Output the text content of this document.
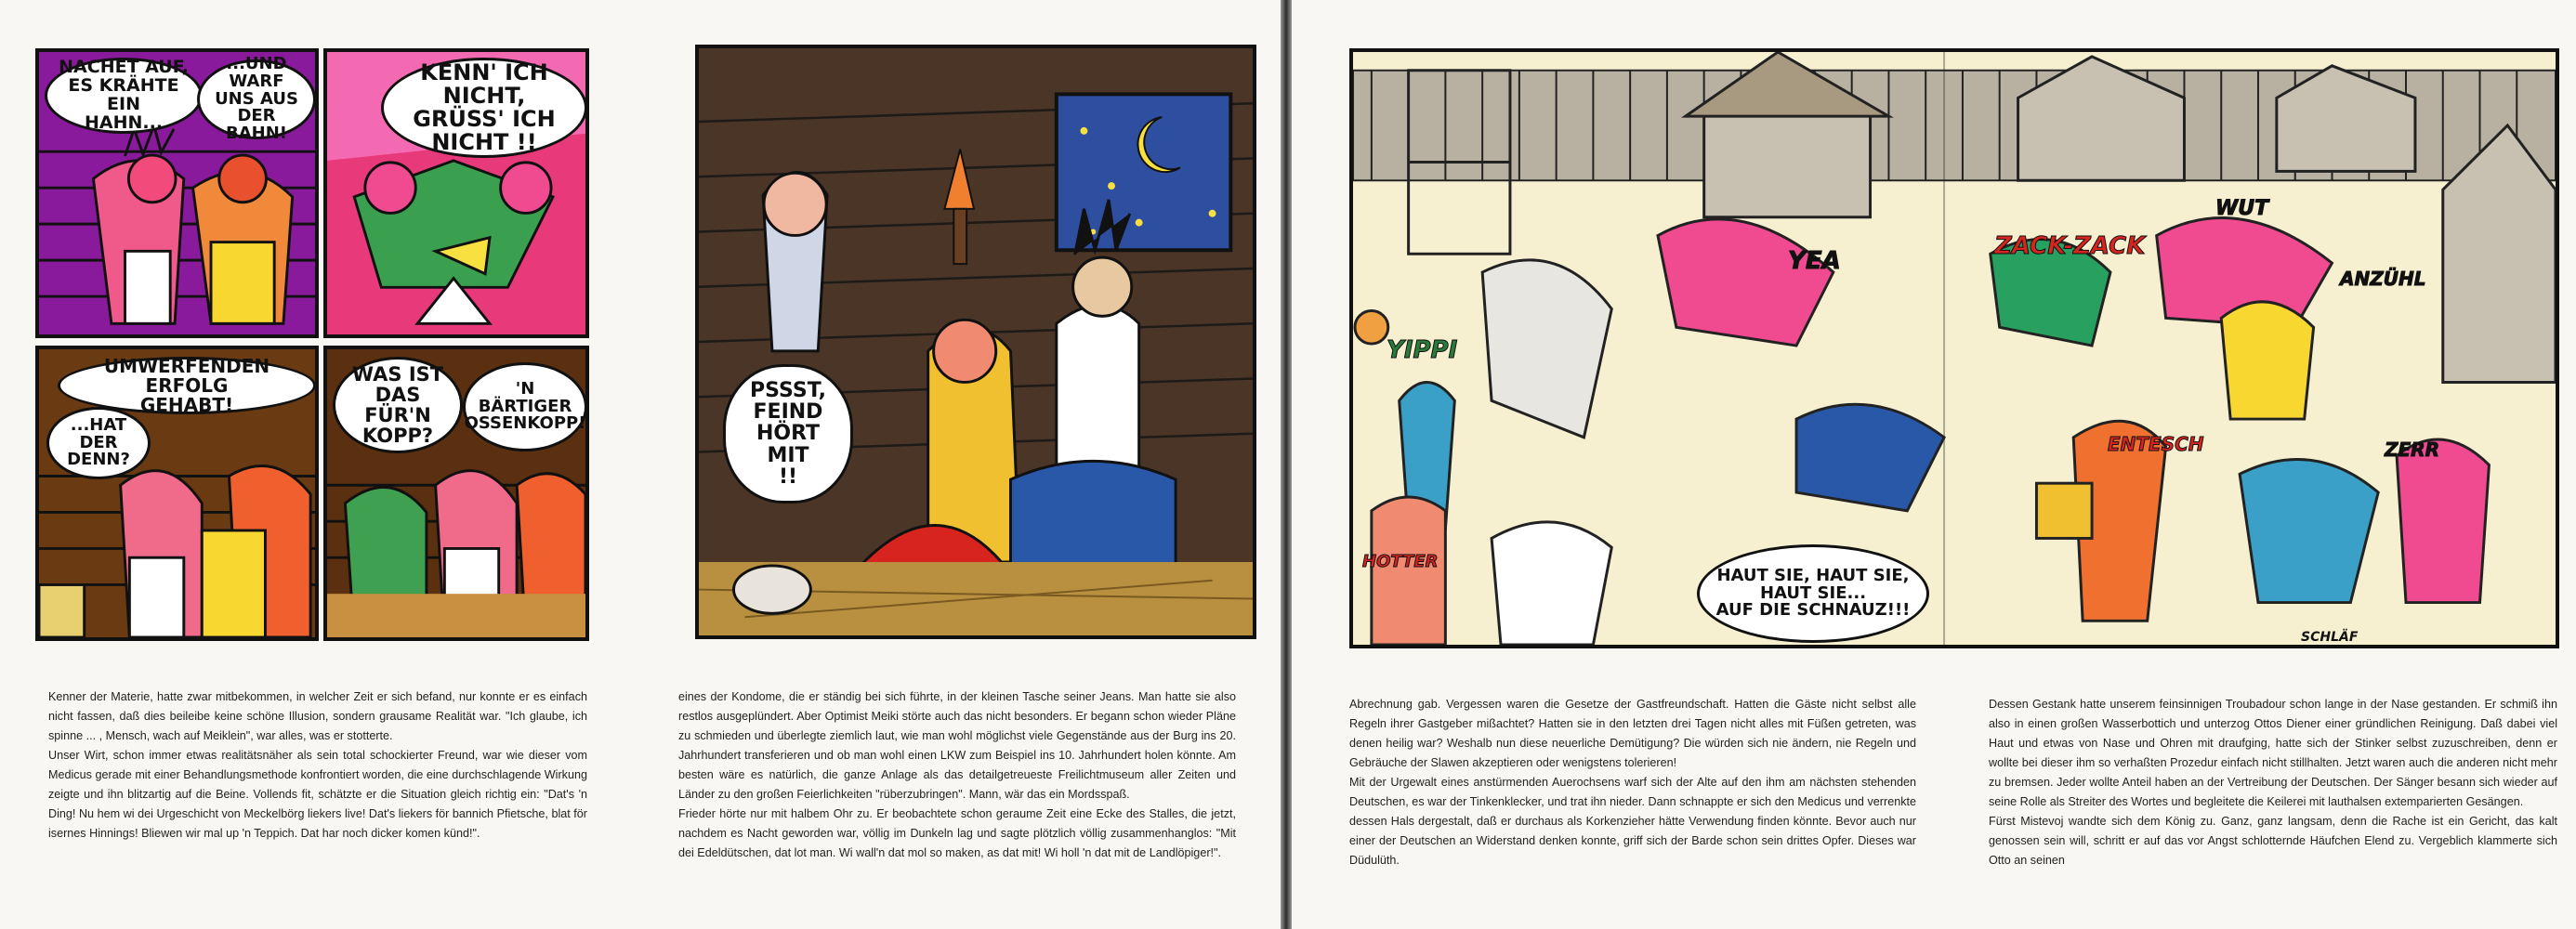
NACHET AUF,
ES KRÄHTE EIN
HAHN...
...UND WARF
UNS AUS
DER BAHN!
KENN' ICH NICHT,
GRÜSS' ICH
NICHT !!
UMWERFENDEN ERFOLG
GEHABT!
...HAT
DER DENN?
WAS IST
DAS FÜR'N
KOPP?
'N
BÄRTIGER
OSSENKOPP!
PSSST,
FEIND
HÖRT MIT
!!

Kenner der Materie, hatte zwar mitbekommen, in welcher Zeit er sich befand, nur konnte er es einfach nicht fassen, daß dies beileibe keine schöne Illusion, sondern grausame Realität war. "Ich glaube, ich spinne ... , Mensch, wach auf Meiklein", war alles, was er stotterte.

Unser Wirt, schon immer etwas realitätsnäher als sein total schockierter Freund, war wie dieser vom Medicus gerade mit einer Behandlungsmethode konfrontiert worden, die eine durchschlagende Wirkung zeigte und ihn blitzartig auf die Beine. Vollends fit, schätzte er die Situation gleich richtig ein: "Dat's 'n Ding! Nu hem wi dei Urgeschicht von Meckelbörg liekers live! Dat's liekers för bannich Pfietsche, blat för isernes Hinnings! Bliewen wir mal up 'n Teppich. Dat har noch dicker komen künd!".

eines der Kondome, die er ständig bei sich führte, in der kleinen Tasche seiner Jeans. Man hatte sie also restlos ausgeplündert. Aber Optimist Meiki störte auch das nicht besonders. Er begann schon wieder Pläne zu schmieden und überlegte ziemlich laut, wie man wohl möglichst viele Gegenstände aus der Burg ins 20. Jahrhundert transferieren und ob man wohl einen LKW zum Beispiel ins 10. Jahrhundert holen könnte. Am besten wäre es natürlich, die ganze Anlage als das detailgetreueste Freilichtmuseum aller Zeiten und Länder zu den großen Feierlichkeiten "rüberzubringen". Mann, wär das ein Mordsspaß.

Frieder hörte nur mit halbem Ohr zu. Er beobachtete schon geraume Zeit eine Ecke des Stalles, die jetzt, nachdem es Nacht geworden war, völlig im Dunkeln lag und sagte plötzlich völlig zusammenhanglos: "Mit dei Edeldütschen, dat lot man. Wi wall'n dat mol so maken, as dat mit! Wi holl 'n dat mit de Landlöpiger!".

YIPPI
YEA
WUT
ZACK-ZACK
ANZÜHL
ENTESCH	ZERR
HOTTER
HAUT SIE, HAUT SIE,
HAUT SIE...
AUF DIE SCHNAUZ!!!
SCHLÄF

Abrechnung gab. Vergessen waren die Gesetze der Gastfreundschaft. Hatten die Gäste nicht selbst alle Regeln ihrer Gastgeber mißachtet? Hatten sie in den letzten drei Tagen nicht alles mit Füßen getreten, was denen heilig war? Weshalb nun diese neuerliche Demütigung? Die würden sich nie ändern, nie Regeln und Gebräuche der Slawen akzeptieren oder wenigstens tolerieren!

Mit der Urgewalt eines anstürmenden Auerochsens warf sich der Alte auf den ihm am nächsten stehenden Deutschen, es war der Tinkenklecker, und trat ihn nieder. Dann schnappte er sich den Medicus und verrenkte dessen Hals dergestalt, daß er durchaus als Korkenzieher hätte Verwendung finden könnte. Bevor auch nur einer der Deutschen an Widerstand denken konnte, griff sich der Barde schon sein drittes Opfer. Dieses war Düdulüth.

Dessen Gestank hatte unserem feinsinnigen Troubadour schon lange in der Nase gestanden. Er schmiß ihn also in einen großen Wasserbottich und unterzog Ottos Diener einer gründlichen Reinigung. Daß dabei viel Haut und etwas von Nase und Ohren mit draufging, hatte sich der Stinker selbst zuzuschreiben, denn er wollte bei dieser ihm so verhaßten Prozedur einfach nicht stillhalten. Jetzt waren auch die anderen nicht mehr zu bremsen. Jeder wollte Anteil haben an der Vertreibung der Deutschen. Der Sänger besann sich wieder auf seine Rolle als Streiter des Wortes und begleitete die Keilerei mit lauthalsen extemparierten Gesängen.

Fürst Mistevoj wandte sich dem König zu. Ganz, ganz langsam, denn die Rache ist ein Gericht, das kalt genossen sein will, schritt er auf das vor Angst schlotternde Häufchen Elend zu. Vergeblich klammerte sich Otto an seinen
